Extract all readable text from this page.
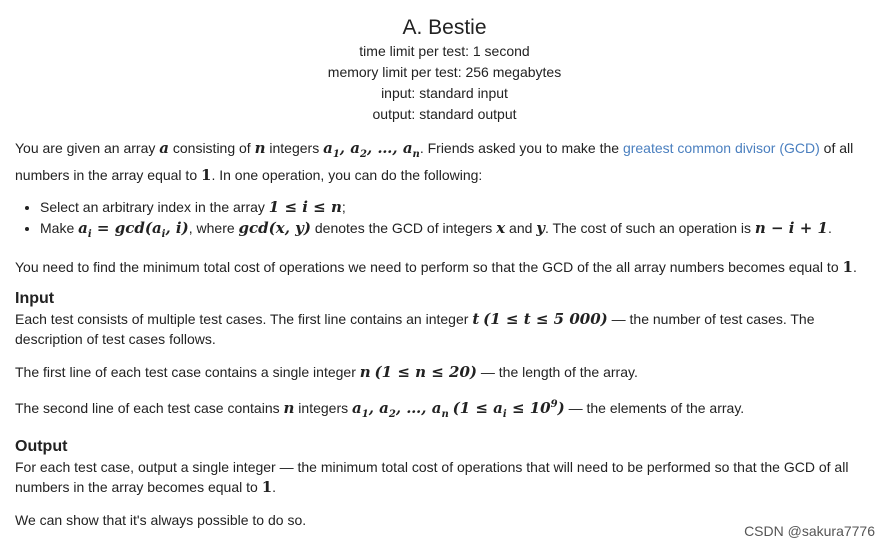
A. Bestie
time limit per test: 1 second
memory limit per test: 256 megabytes
input: standard input
output: standard output

You are given an array a consisting of n integers $a_1$, $a_2$, …, $a_n$. Friends asked you to make the greatest common divisor (GCD) of all numbers in the array equal to 1. In one operation, you can do the following:

• Select an arbitrary index in the array 1 ≤ i ≤ n;
• Make $a_i = \gcd(a_i$, i), where gcd(x, y) denotes the GCD of integers x and y. The cost of such an operation is n − i + 1.

You need to find the minimum total cost of operations we need to perform so that the GCD of the all array numbers becomes equal to 1.

Input

Each test consists of multiple test cases. The first line contains an integer t (1 ≤ t ≤ 5 000) — the number of test cases. The description of test cases follows.

The first line of each test case contains a single integer n (1 ≤ n ≤ 20) — the length of the array.

The second line of each test case contains n integers $a_1$, $a_2$, …, $a_n$ $(1 \le a_i \le 10^9)$ — the elements of the array.

Output

For each test case, output a single integer — the minimum total cost of operations that will need to be performed so that the GCD of all numbers in the array becomes equal to 1.

We can show that it's always possible to do so.

CSDN @sakura7776
